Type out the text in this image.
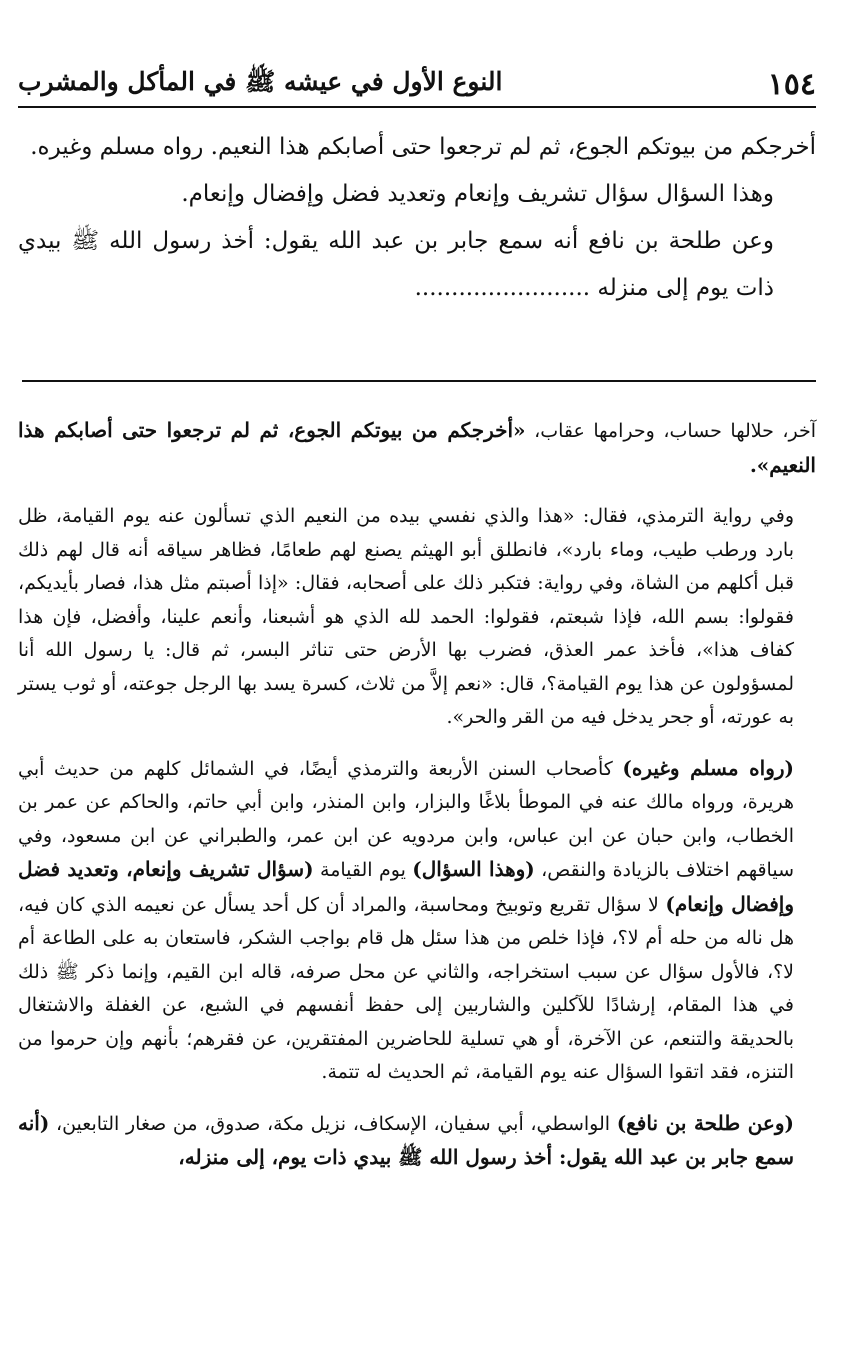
١٥٤
النوع الأول في عيشه ﷺ في المأكل والمشرب

أخرجكم من بيوتكم الجوع، ثم لم ترجعوا حتى أصابكم هذا النعيم. رواه مسلم وغيره.

وهذا السؤال سؤال تشريف وإنعام وتعديد فضل وإفضال وإنعام.

وعن طلحة بن نافع أنه سمع جابر بن عبد الله يقول: أخذ رسول الله ﷺ بيدي ذات يوم إلى منزله ........................

آخر، حلالها حساب، وحرامها عقاب، «أخرجكم من بيوتكم الجوع، ثم لم ترجعوا حتى أصابكم هذا النعيم».

وفي رواية الترمذي، فقال: «هذا والذي نفسي بيده من النعيم الذي تسألون عنه يوم القيامة، ظل بارد ورطب طيب، وماء بارد»، فانطلق أبو الهيثم يصنع لهم طعامًا، فظاهر سياقه أنه قال لهم ذلك قبل أكلهم من الشاة، وفي رواية: فتكبر ذلك على أصحابه، فقال: «إذا أصبتم مثل هذا، فصار بأيديكم، فقولوا: بسم الله، فإذا شبعتم، فقولوا: الحمد لله الذي هو أشبعنا، وأنعم علينا، وأفضل، فإن هذا كفاف هذا»، فأخذ عمر العذق، فضرب بها الأرض حتى تناثر البسر، ثم قال: يا رسول الله أنا لمسؤولون عن هذا يوم القيامة؟، قال: «نعم إلاَّ من ثلاث، كسرة يسد بها الرجل جوعته، أو ثوب يستر به عورته، أو جحر يدخل فيه من القر والحر».

(رواه مسلم وغيره) كأصحاب السنن الأربعة والترمذي أيضًا، في الشمائل كلهم من حديث أبي هريرة، ورواه مالك عنه في الموطأ بلاغًا والبزار، وابن المنذر، وابن أبي حاتم، والحاكم عن عمر بن الخطاب، وابن حبان عن ابن عباس، وابن مردويه عن ابن عمر، والطبراني عن ابن مسعود، وفي سياقهم اختلاف بالزيادة والنقص، (وهذا السؤال) يوم القيامة (سؤال تشريف وإنعام، وتعديد فضل وإفضال وإنعام) لا سؤال تقريع وتوبيخ ومحاسبة، والمراد أن كل أحد يسأل عن نعيمه الذي كان فيه، هل ناله من حله أم لا؟، فإذا خلص من هذا سئل هل قام بواجب الشكر، فاستعان به على الطاعة أم لا؟، فالأول سؤال عن سبب استخراجه، والثاني عن محل صرفه، قاله ابن القيم، وإنما ذكر ﷺ ذلك في هذا المقام، إرشادًا للآكلين والشاربين إلى حفظ أنفسهم في الشبع، عن الغفلة والاشتغال بالحديقة والتنعم، عن الآخرة، أو هي تسلية للحاضرين المفتقرين، عن فقرهم؛ بأنهم وإن حرموا من التنزه، فقد اتقوا السؤال عنه يوم القيامة، ثم الحديث له تتمة.

(وعن طلحة بن نافع) الواسطي، أبي سفيان، الإسكاف، نزيل مكة، صدوق، من صغار التابعين، (أنه سمع جابر بن عبد الله يقول: أخذ رسول الله ﷺ بيدي ذات يوم، إلى منزله،
